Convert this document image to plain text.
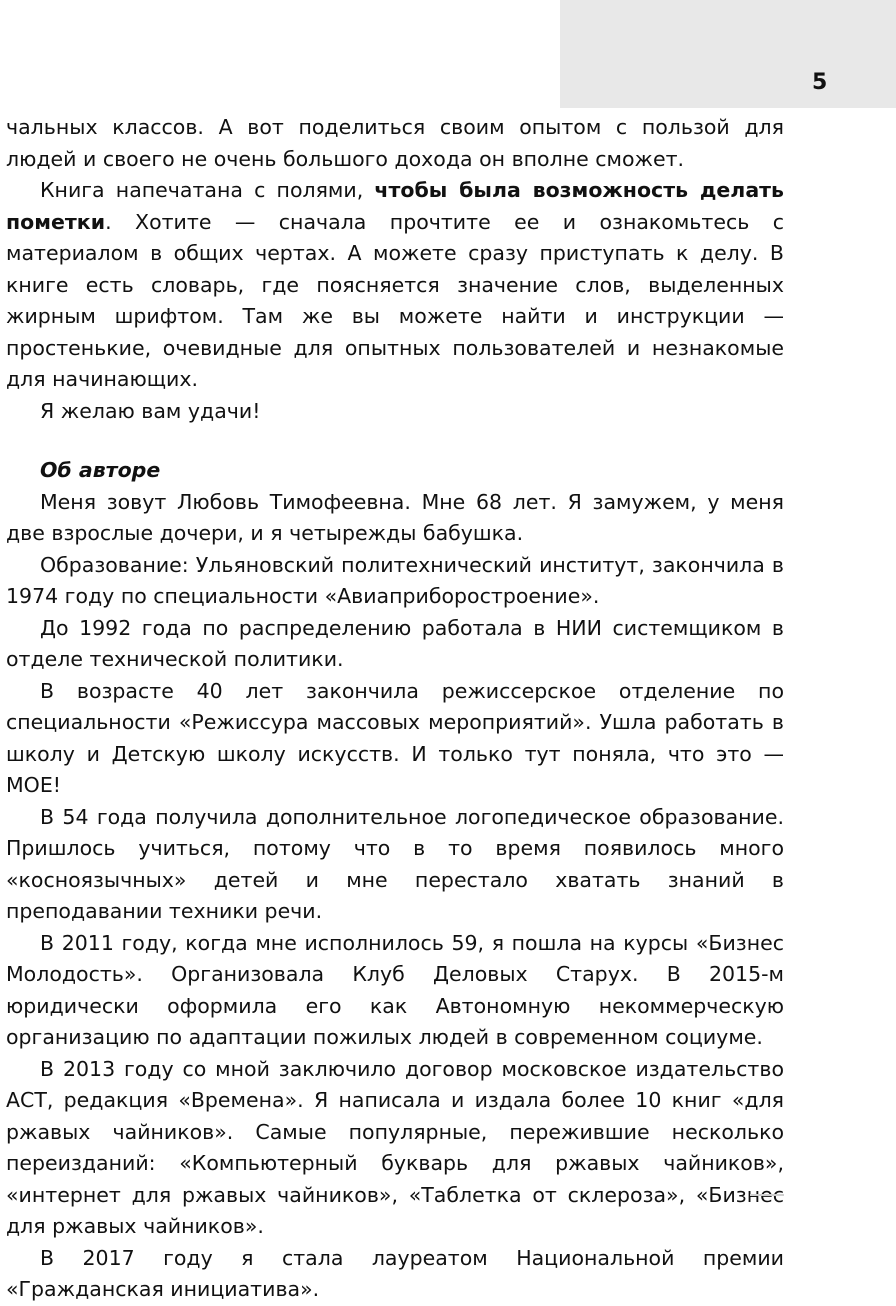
5

чальных классов. А вот поделиться своим опытом с пользой для людей и своего не очень большого дохода он вполне сможет.

Книга напечатана с полями, чтобы была возможность делать пометки. Хотите — сначала прочтите ее и ознакомьтесь с материалом в общих чертах. А можете сразу приступать к делу. В книге есть словарь, где поясняется значение слов, выделенных жирным шрифтом. Там же вы можете найти и инструкции — простенькие, очевидные для опытных пользователей и незнакомые для начинающих.

Я желаю вам удачи!

Об авторе

Меня зовут Любовь Тимофеевна. Мне 68 лет. Я замужем, у меня две взрослые дочери, и я четырежды бабушка.

Образование: Ульяновский политехнический институт, закончила в 1974 году по специальности «Авиаприборостроение».

До 1992 года по распределению работала в НИИ системщиком в отделе технической политики.

В возрасте 40 лет закончила режиссерское отделение по специальности «Режиссура массовых мероприятий». Ушла работать в школу и Детскую школу искусств. И только тут поняла, что это — МОЕ!

В 54 года получила дополнительное логопедическое образование. Пришлось учиться, потому что в то время появилось много «косноязычных» детей и мне перестало хватать знаний в преподавании техники речи.

В 2011 году, когда мне исполнилось 59, я пошла на курсы «Бизнес Молодость». Организовала Клуб Деловых Старух. В 2015-м юридически оформила его как Автономную некоммерческую организацию по адаптации пожилых людей в современном социуме.

В 2013 году со мной заключило договор московское издательство АСТ, редакция «Времена». Я написала и издала более 10 книг «для ржавых чайников». Самые популярные, пережившие несколько переизданий: «Компьютерный букварь для ржавых чайников», «интернет для ржавых чайников», «Таблетка от склероза», «Бизнес для ржавых чайников».

В 2017 году я стала лауреатом Национальной премии «Гражданская инициатива».
